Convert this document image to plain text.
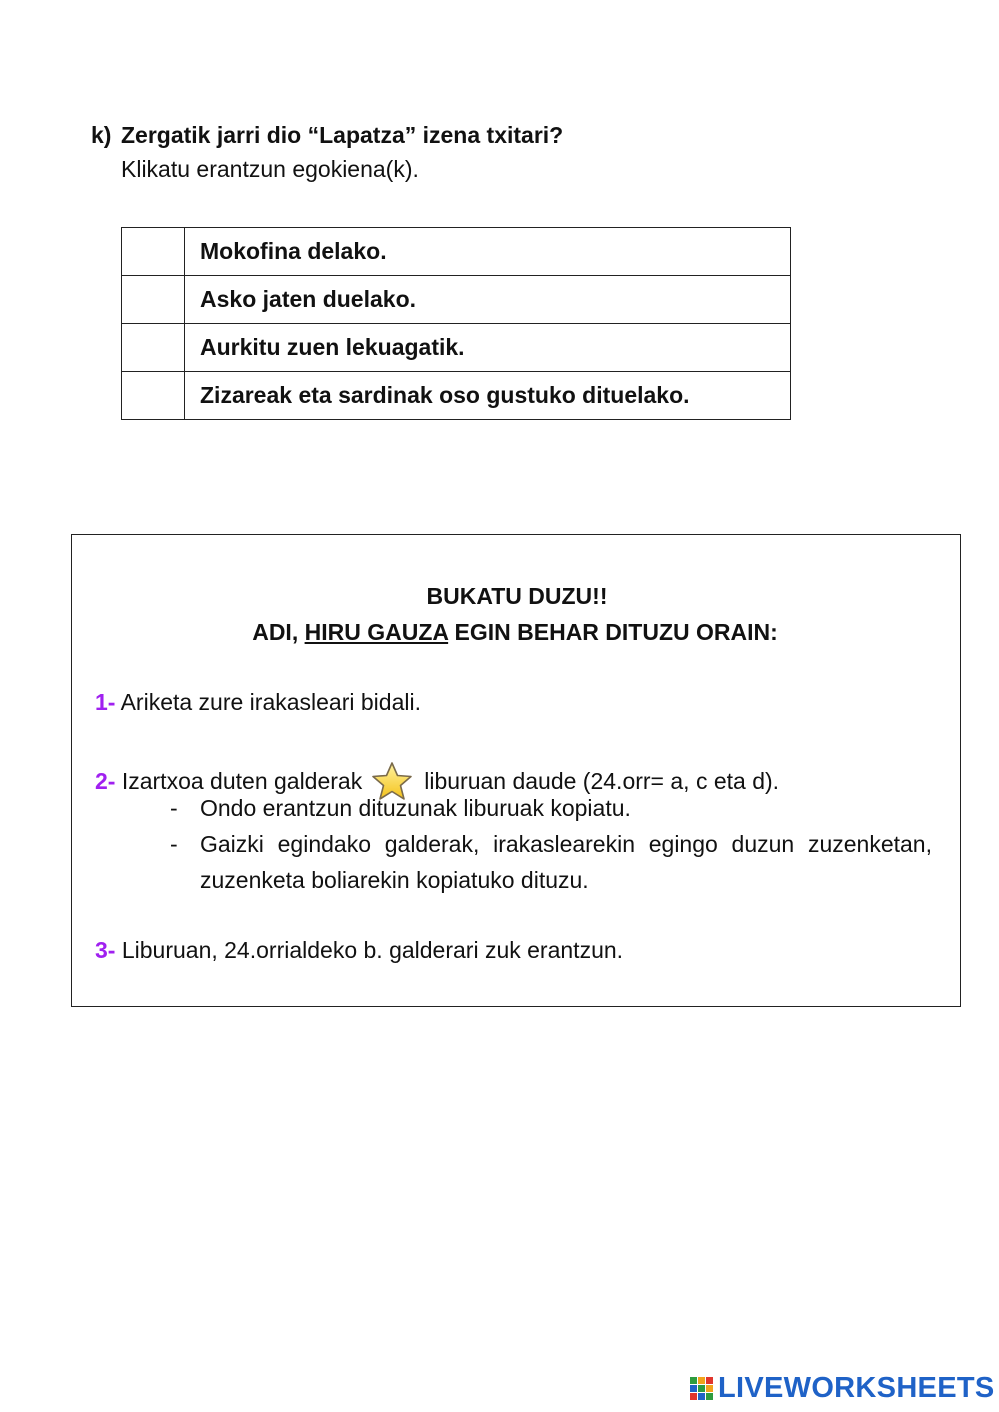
k) Zergatik jarri dio “Lapatza” izena txitari?
Klikatu erantzun egokiena(k).
	Mokofina delako.
	Asko jaten duelako.
	Aurkitu zuen lekuagatik.
	Zizareak eta sardinak oso gustuko dituelako.
BUKATU DUZU!!
ADI, HIRU GAUZA EGIN BEHAR DITUZU ORAIN:
1- Ariketa zure irakasleari bidali.
2-
Izartxoa duten galderak	liburuan daude (24.orr= a, c eta d).
- Ondo erantzun dituzunak liburuak kopiatu.
- Gaizki egindako galderak, irakaslearekin egingo duzun zuzenketan, zuzenketa boliarekin kopiatuko dituzu.
3- Liburuan, 24.orrialdeko b. galderari zuk erantzun.
LIVEWORKSHEETS
